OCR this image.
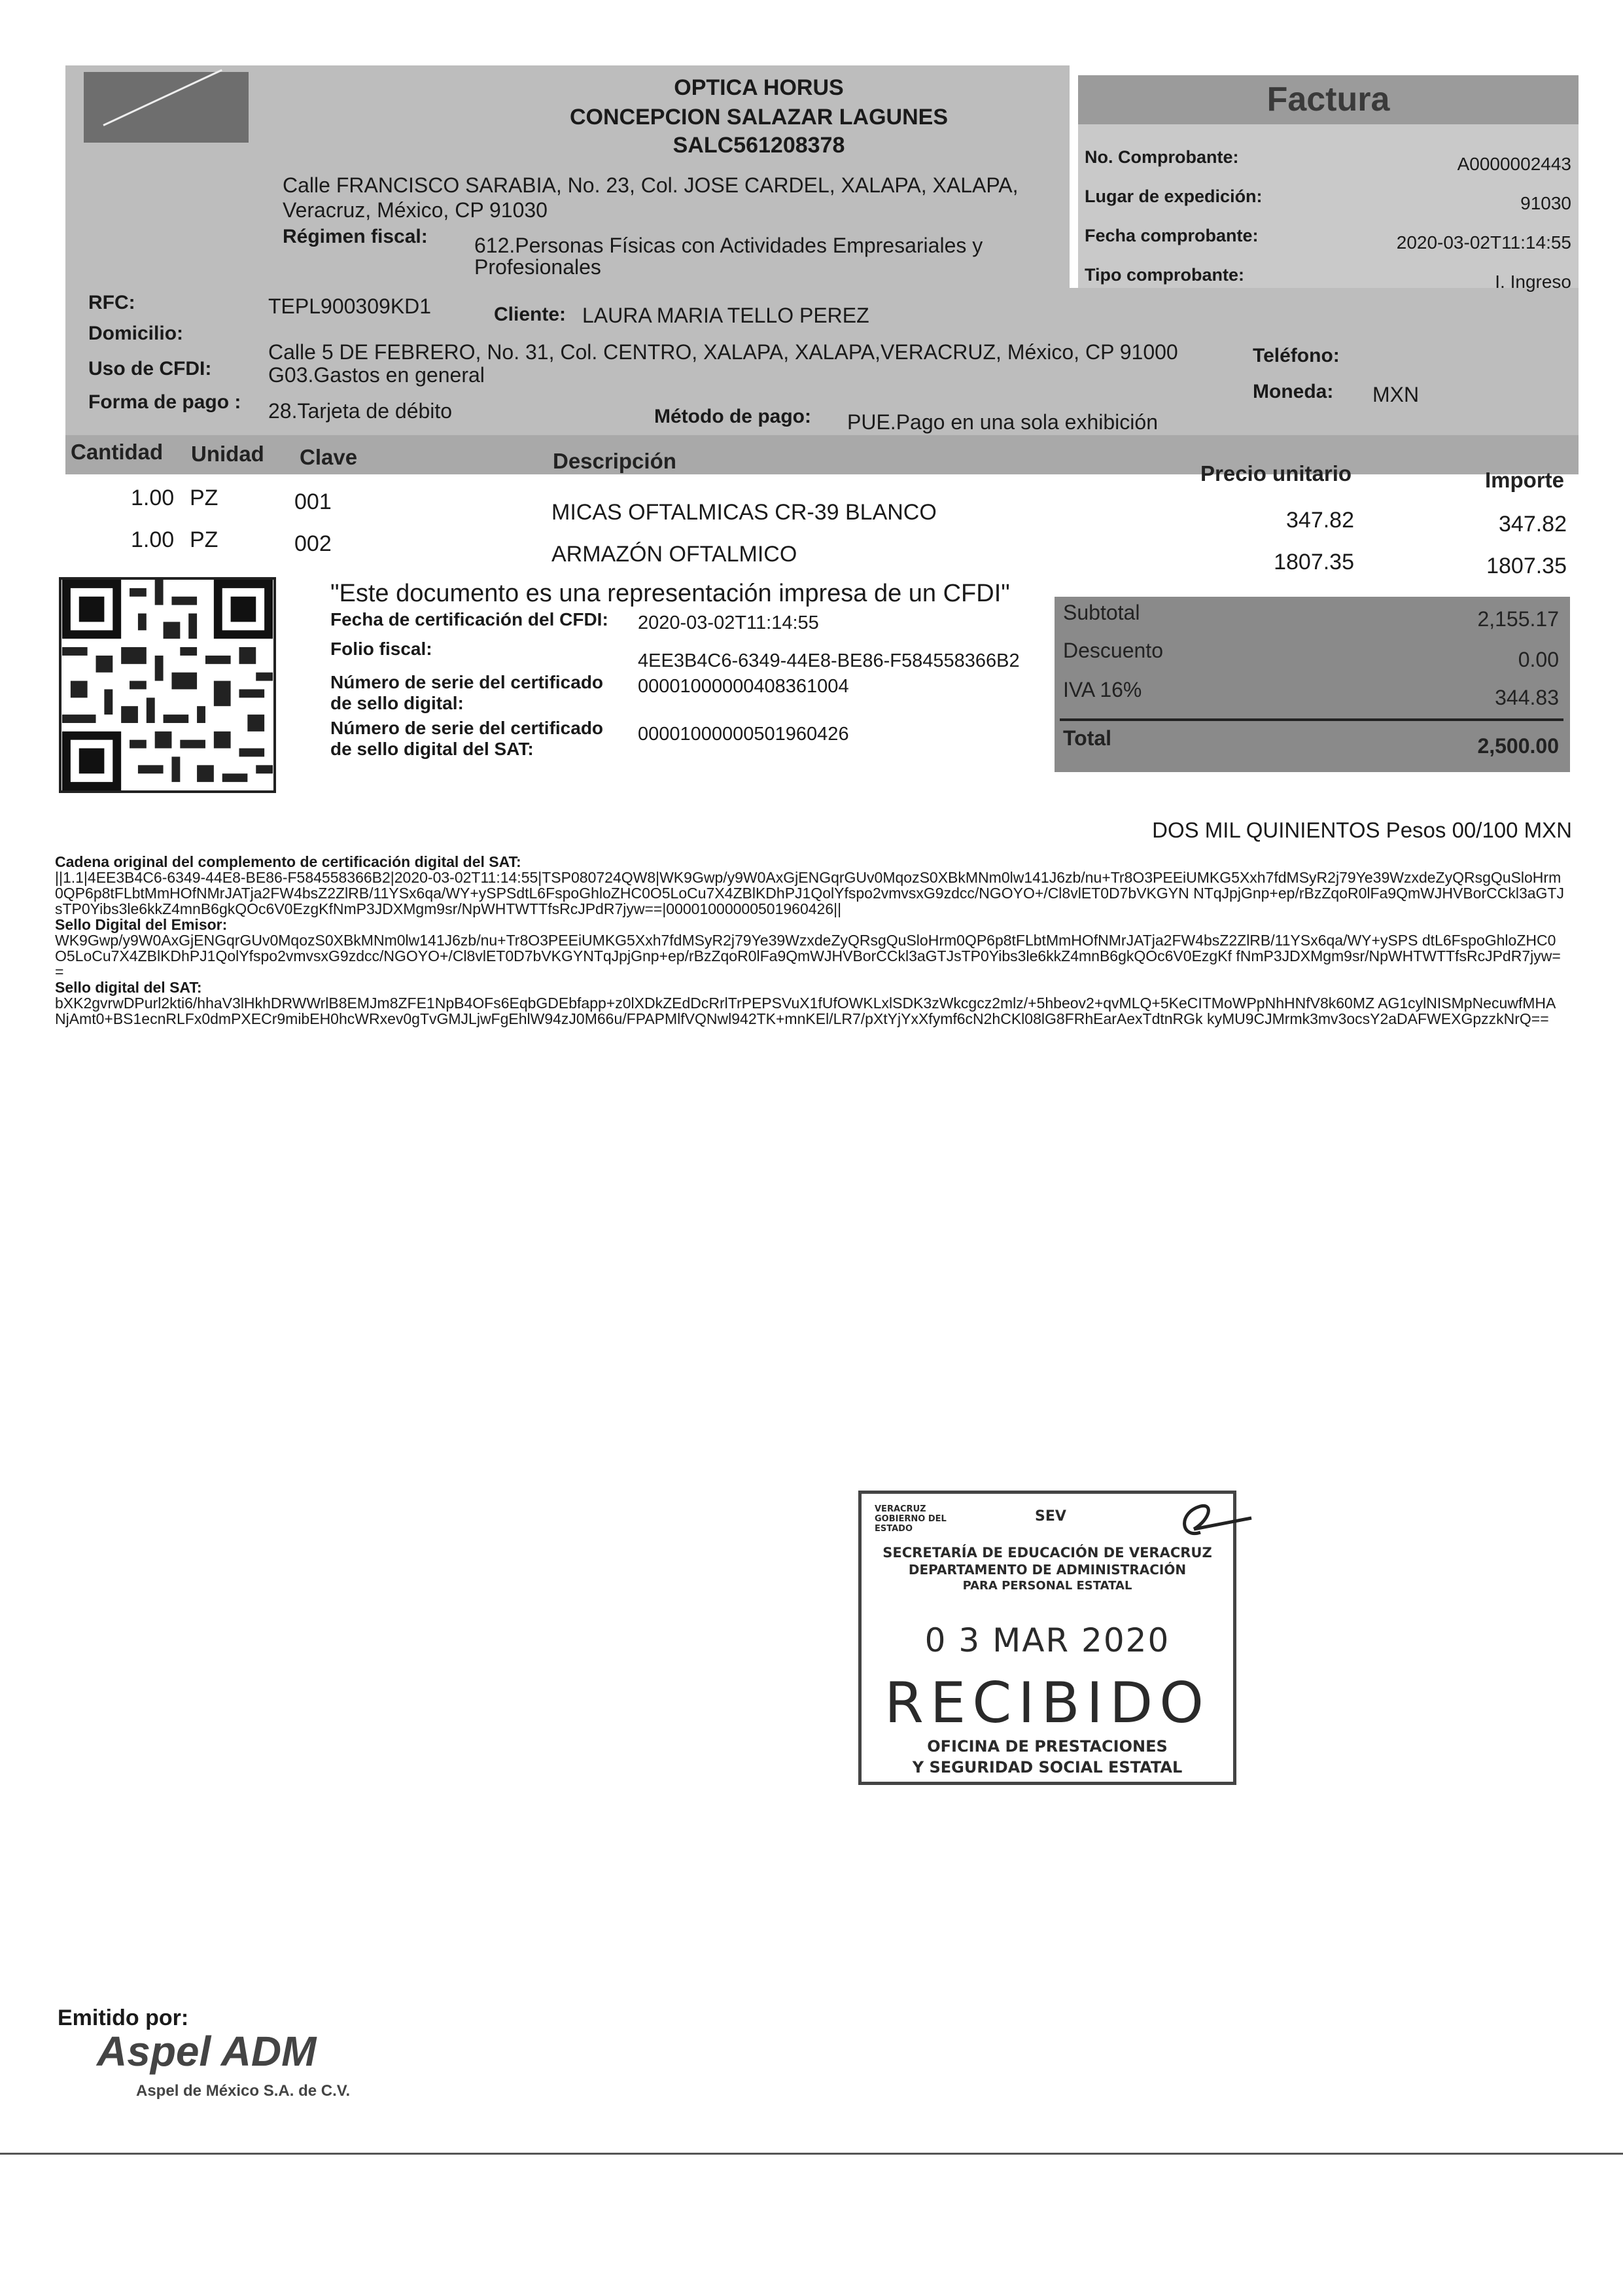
OPTICA HORUS
CONCEPCION SALAZAR LAGUNES
SALC561208378
Calle FRANCISCO SARABIA, No. 23, Col. JOSE CARDEL, XALAPA, XALAPA,
Veracruz, México, CP 91030
Régimen fiscal: 612.Personas Físicas con Actividades Empresariales y
Profesionales
Factura
No. Comprobante:	A0000002443
Lugar de expedición:	91030
Fecha comprobante:	2020-03-02T11:14:55
Tipo comprobante:	I. Ingreso
RFC:	TEPL900309KD1	Cliente: LAURA MARIA TELLO PEREZ
Domicilio:
Calle 5 DE FEBRERO, No. 31, Col. CENTRO, XALAPA, XALAPA,VERACRUZ, México, CP 91000	Teléfono:
Uso de CFDI:	G03.Gastos en general
Moneda: MXN
Forma de pago : 28.Tarjeta de débito	Método de pago: PUE.Pago en una sola exhibición
Cantidad Unidad Clave	Descripción
Precio unitario	Importe
1.00 PZ	001	MICAS OFTALMICAS CR-39 BLANCO	347.82	347.82
1.00 PZ	002	ARMAZÓN OFTALMICO	1807.35	1807.35
"Este documento es una representación impresa de un CFDI"
Fecha de certificación del CFDI: 2020-03-02T11:14:55
Folio fiscal:
4EE3B4C6-6349-44E8-BE86-F584558366B2
Número de serie del certificado
de sello digital:
00001000000408361004
Número de serie del certificado
de sello digital del SAT:
00001000000501960426
Subtotal	2,155.17
Descuento	0.00
IVA 16%	344.83
Total	2,500.00
DOS MIL QUINIENTOS Pesos 00/100 MXN
Cadena original del complemento de certificación digital del SAT:
||1.1|4EE3B4C6-6349-44E8-BE86-F584558366B2|2020-03-02T11:14:55|TSP080724QW8|WK9Gwp/y9W0AxGjENGqrGUv0MqozS0XBkMNm0lw141J6zb/nu+Tr8O3PEEiUMKG5Xxh7fdMSyR2j79Ye39WzxdeZyQRsgQuSloHrm0QP6p8tFLbtMmHOfNMrJATja2FW4bsZ2ZlRB/11YSx6qa/WY+ySPSdtL6FspoGhloZHC0O5LoCu7X4ZBlKDhPJ1QolYfspo2vmvsxG9zdcc/NGOYO+/Cl8vlET0D7bVKGYN NTqJpjGnp+ep/rBzZqoR0lFa9QmWJHVBorCCkl3aGTJsTP0Yibs3le6kkZ4mnB6gkQOc6V0EzgKfNmP3JDXMgm9sr/NpWHTWTTfsRcJPdR7jyw==|00001000000501960426||
Sello Digital del Emisor:
WK9Gwp/y9W0AxGjENGqrGUv0MqozS0XBkMNm0lw141J6zb/nu+Tr8O3PEEiUMKG5Xxh7fdMSyR2j79Ye39WzxdeZyQRsgQuSloHrm0QP6p8tFLbtMmHOfNMrJATja2FW4bsZ2ZlRB/11YSx6qa/WY+ySPS dtL6FspoGhloZHC0O5LoCu7X4ZBlKDhPJ1QolYfspo2vmvsxG9zdcc/NGOYO+/Cl8vlET0D7bVKGYNTqJpjGnp+ep/rBzZqoR0lFa9QmWJHVBorCCkl3aGTJsTP0Yibs3le6kkZ4mnB6gkQOc6V0EzgKf fNmP3JDXMgm9sr/NpWHTWTTfsRcJPdR7jyw==
Sello digital del SAT:
bXK2gvrwDPurl2kti6/hhaV3lHkhDRWWrlB8EMJm8ZFE1NpB4OFs6EqbGDEbfapp+z0lXDkZEdDcRrlTrPEPSVuX1fUfOWKLxlSDK3zWkcgcz2mlz/+5hbeov2+qvMLQ+5KeCITMoWPpNhHNfV8k60MZ AG1cylNISMpNecuwfMHANjAmt0+BS1ecnRLFx0dmPXECr9mibEH0hcWRxev0gTvGMJLjwFgEhlW94zJ0M66u/FPAPMlfVQNwl942TK+mnKEl/LR7/pXtYjYxXfymf6cN2hCKl08lG8FRhEarAexTdtnRGk kyMU9CJMrmk3mv3ocsY2aDAFWEXGpzzkNrQ==
VERACRUZ GOBIERNO DEL ESTADO
SEV
SECRETARÍA DE EDUCACIÓN DE VERACRUZ
DEPARTAMENTO DE ADMINISTRACIÓN
PARA PERSONAL ESTATAL
0 3 MAR 2020
RECIBIDO
OFICINA DE PRESTACIONES
Y SEGURIDAD SOCIAL ESTATAL
Emitido por:
Aspel ADM
Aspel de México S.A. de C.V.
